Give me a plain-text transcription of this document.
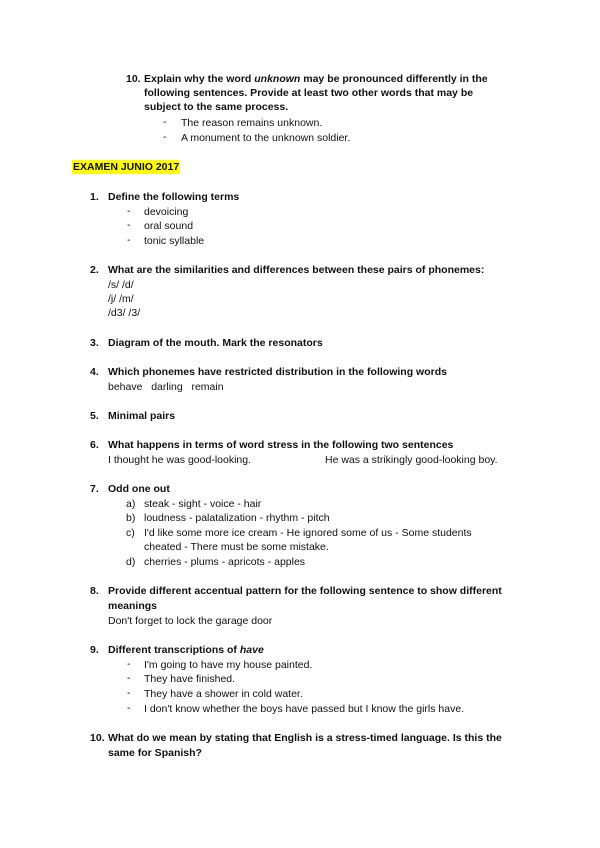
10. Explain why the word unknown may be pronounced differently in the
following sentences. Provide at least two other words that may be
subject to the same process.
- The reason remains unknown.
- A monument to the unknown soldier.
EXAMEN JUNIO 2017
1. Define the following terms
- devoicing
- oral sound
- tonic syllable
2. What are the similarities and differences between these pairs of phonemes:
/s/ /d/
/j/ /m/
/d3/ /3/
3. Diagram of the mouth. Mark the resonators
4. Which phonemes have restricted distribution in the following words
behave   darling   remain
5. Minimal pairs
6. What happens in terms of word stress in the following two sentences
I thought he was good-looking.	He was a strikingly good-looking boy.
7. Odd one out
a) steak - sight - voice - hair
b) loudness - palatalization - rhythm - pitch
c) I'd like some more ice cream - He ignored some of us - Some students
cheated - There must be some mistake.
d) cherries - plums - apricots - apples
8. Provide different accentual pattern for the following sentence to show different
meanings
Don't forget to lock the garage door
9. Different transcriptions of have
- I'm going to have my house painted.
- They have finished.
- They have a shower in cold water.
- I don't know whether the boys have passed but I know the girls have.
10. What do we mean by stating that English is a stress-timed language. Is this the
same for Spanish?
